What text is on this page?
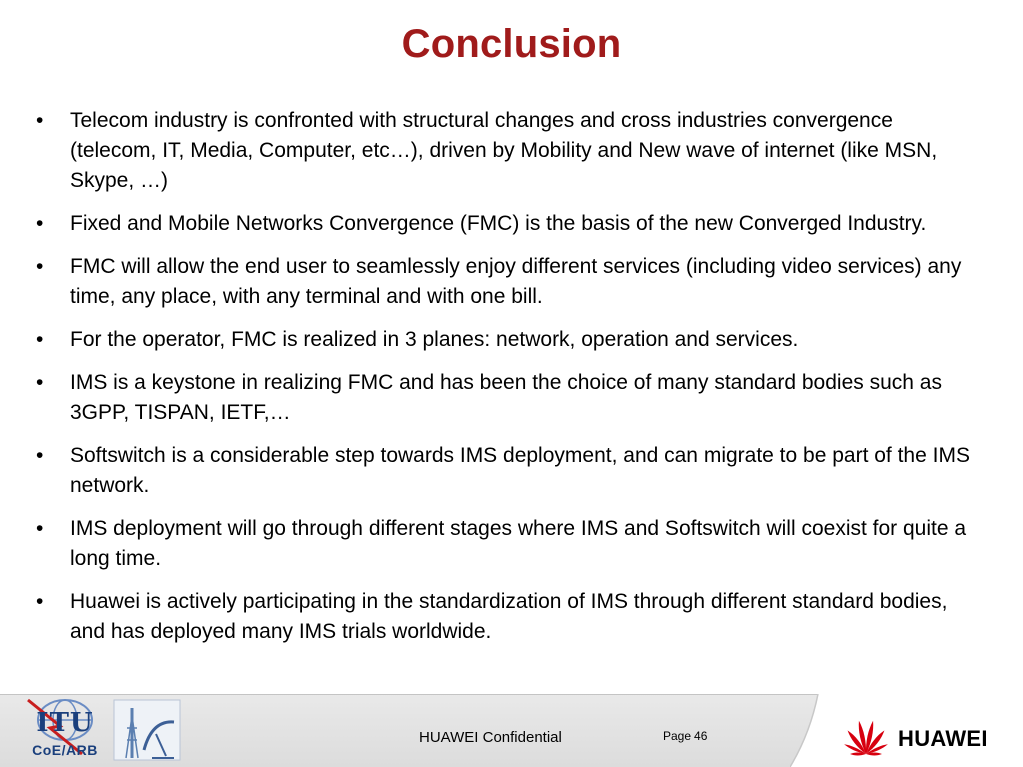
Conclusion
• Telecom industry is confronted with structural changes and cross industries convergence (telecom, IT, Media, Computer, etc…), driven by Mobility and New wave of internet (like MSN, Skype, …)
• Fixed and Mobile Networks Convergence (FMC) is the basis of the new Converged Industry.
• FMC will allow the end user to seamlessly enjoy different services (including video services) any time, any place, with any terminal and with one bill.
• For the operator, FMC is realized in 3 planes: network, operation and services.
• IMS is a keystone in realizing FMC and has been the choice of many standard bodies such as 3GPP, TISPAN, IETF,…
• Softswitch is a considerable step towards IMS deployment, and can migrate to be part of the IMS network.
• IMS deployment will go through different stages where IMS and Softswitch will coexist for quite a long time.
• Huawei is actively participating in the standardization of IMS through different standard bodies, and has deployed many IMS trials worldwide.
ITU
CoE/ARB
HUAWEI Confidential	Page 46	HUAWEI
